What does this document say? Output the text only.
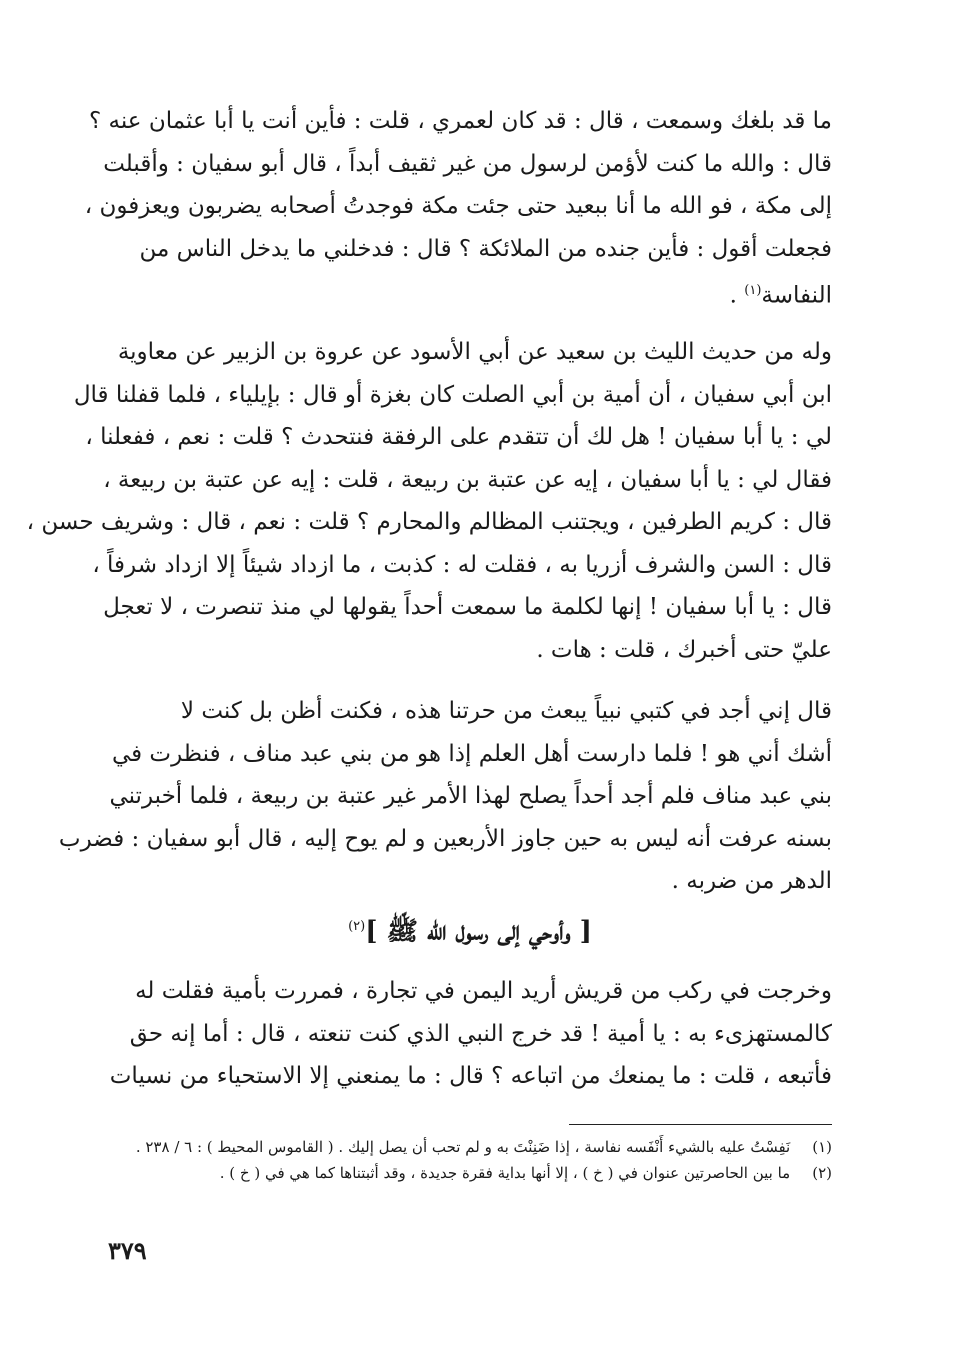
ما قد بلغك وسمعت ، قال : قد كان لعمري ، قلت : فأين أنت يا أبا عثمان عنه ؟
قال : والله ما كنت لأؤمن لرسول من غير ثقيف أبداً ، قال أبو سفيان : وأقبلت
إلى مكة ، فو الله ما أنا ببعيد حتى جئت مكة فوجدتُ أصحابه يضربون ويعزفون ،
فجعلت أقول : فأين جنده من الملائكة ؟ قال : فدخلني ما يدخل الناس من
النفاسة$^{(١)}$ .
وله من حديث الليث بن سعيد عن أبي الأسود عن عروة بن الزبير عن معاوية
ابن أبي سفيان ، أن أمية بن أبي الصلت كان بغزة أو قال : بإيلياء ، فلما قفلنا قال
لي : يا أبا سفيان ! هل لك أن تتقدم على الرفقة فنتحدث ؟ قلت : نعم ، ففعلنا ،
فقال لي : يا أبا سفيان ، إيه عن عتبة بن ربيعة ، قلت : إيه عن عتبة بن ربيعة ،
قال : كريم الطرفين ، ويجتنب المظالم والمحارم ؟ قلت : نعم ، قال : وشريف حسن ،
قال : السن والشرف أزريا به ، فقلت له : كذبت ، ما ازداد شيئاً إلا ازداد شرفاً ،
قال : يا أبا سفيان ! إنها لكلمة ما سمعت أحداً يقولها لي منذ تنصرت ، لا تعجل
عليّ حتى أخبرك ، قلت : هات .
قال إني أجد في كتبي نبياً يبعث من حرتنا هذه ، فكنت أظن بل كنت لا
أشك أني هو ! فلما دارست أهل العلم إذا هو من بني عبد مناف ، فنظرت في
بني عبد مناف فلم أجد أحداً يصلح لهذا الأمر غير عتبة بن ربيعة ، فلما أخبرتني
بسنه عرفت أنه ليس به حين جاوز الأربعين و لم يوح إليه ، قال أبو سفيان : فضرب
الدهر من ضربه .
[ وأوحي إلى رسول الله ﷺ ]$^{(٢)}$
وخرجت في ركب من قريش أريد اليمن في تجارة ، فمررت بأمية فقلت له
كالمستهزىء به : يا أمية ! قد خرج النبي الذي كنت تنعته ، قال : أما إنه حق
فأتبعه ، قلت : ما يمنعك من اتباعه ؟ قال : ما يمنعني إلا الاستحياء من نسيات
(١)
نَفِسْتُ عليه بالشيء أَنْفَسه نفاسة ، إذا ضَنِنْتَ به و لم تحب أن يصل إليك . ( القاموس المحيط ) : ٦ / ٢٣٨ .
(٢)
ما بين الحاصرتين عنوان في ( خ ) ، إلا أنها بداية فقرة جديدة ، وقد أثبتناها كما هي في ( خ ) .
٣٧٩
